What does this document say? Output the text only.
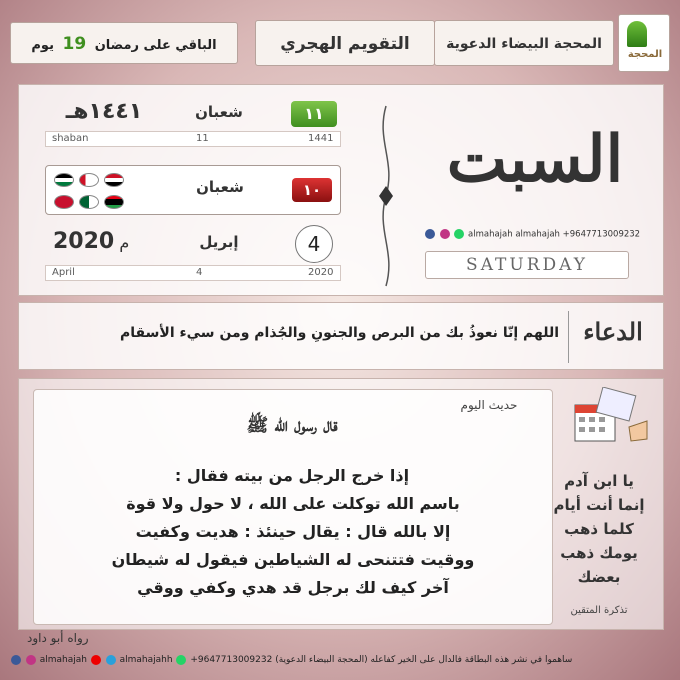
المحجة
المحجة البيضاء الدعوية
التقويم الهجري
الباقي على رمضان 19 يوم
السبت
almahajah almahajah +9647713009232
SATURDAY
١١
شعبان
١٤٤١هـ
shaban	11	1441

شعبان	١٠
4
إبريل
م 2020
April	4	2020
الدعاء
اللهم إنّا نعوذُ بك من البرص والجنونِ والجُذام ومن سيء الأسقام
حديث اليوم
قال رسول الله ﷺ
إذا خرج الرجل من بيته فقال :
باسم الله توكلت على الله ، لا حول ولا قوة
إلا بالله قال : يقال حينئذ : هديت وكفيت
ووقيت فتتنحى له الشياطين فيقول له شيطان
آخر كيف لك برجل قد هدي وكفي ووقي
رواه أبو داود
يا ابن آدم
إنما أنت أيام
كلما ذهب
يومك ذهب
بعضك
تذكرة المتقين
almahajah	almahajahh +9647713009232 (المحجة البيضاء الدعوية) ساهموا في نشر هذه البطاقة فالدال على الخير كفاعله
